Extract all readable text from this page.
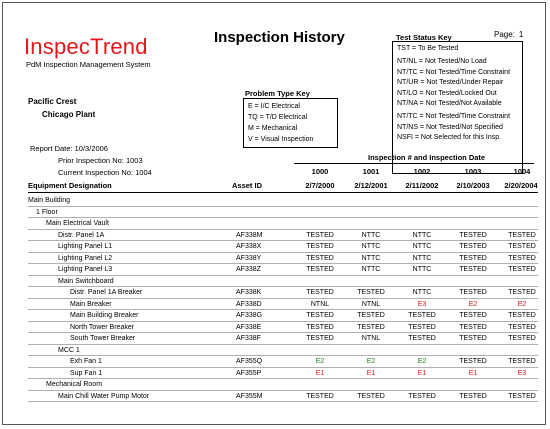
InspecTrend
PdM Inspection Management System
Inspection History	Page: 1
Test Status Key
TST = To Be Tested
NT/NL = Not Tested/No Load
NT/TC = Not Tested/Time Constraint
NT/UR = Not Tested/Under Repair
NT/LO = Not Tested/Locked Out
NT/NA = Not Tested/Not Available
NT/TC = Not Tested/Time Constraint
NT/NS = Not Tested/Not Specified
NSFI = Not Selected for this Insp.
Pacific Crest
Chicago Plant
Problem Type Key
E = I/C Electrical
TQ = T/D Electrical
M = Mechanical
V = Visual Inspection
Report Date: 10/3/2006
Prior Inspection No: 1003
Current Inspection No: 1004
Inspection # and Inspection Date
1000	1001	1002	1003	1004
Equipment Designation	Asset ID	2/7/2000	2/12/2001	2/11/2002	2/10/2003	2/20/2004
Main Building
1 Floor
Main Electrical Vault
Distr. Panel 1A	AF338M	TESTED	NTTC	NTTC	TESTED	TESTED
Lighting Panel L1	AF338X	TESTED	NTTC	NTTC	TESTED	TESTED
Lighting Panel L2	AF338Y	TESTED	NTTC	NTTC	TESTED	TESTED
Lighting Panel L3	AF338Z	TESTED	NTTC	NTTC	TESTED	TESTED
Main Switchboard
Distr. Panel 1A Breaker	AF338K	TESTED	TESTED	NTTC	TESTED	TESTED
Main Breaker	AF338D	NTNL	NTNL	E3	E2	E2
Main Building Breaker	AF338G	TESTED	TESTED	TESTED	TESTED	TESTED
North Tower Breaker	AF338E	TESTED	TESTED	TESTED	TESTED	TESTED
South Tower Breaker	AF338F	TESTED	NTNL	TESTED	TESTED	TESTED
MCC 1
Exh Fan 1	AF355Q	E2	E2	E2	TESTED	TESTED
Sup Fan 1	AF355P	E1	E1	E1	E1	E3
Mechanical Room
Main Chill Water Pump Motor	AF355M	TESTED	TESTED	TESTED	TESTED	TESTED
